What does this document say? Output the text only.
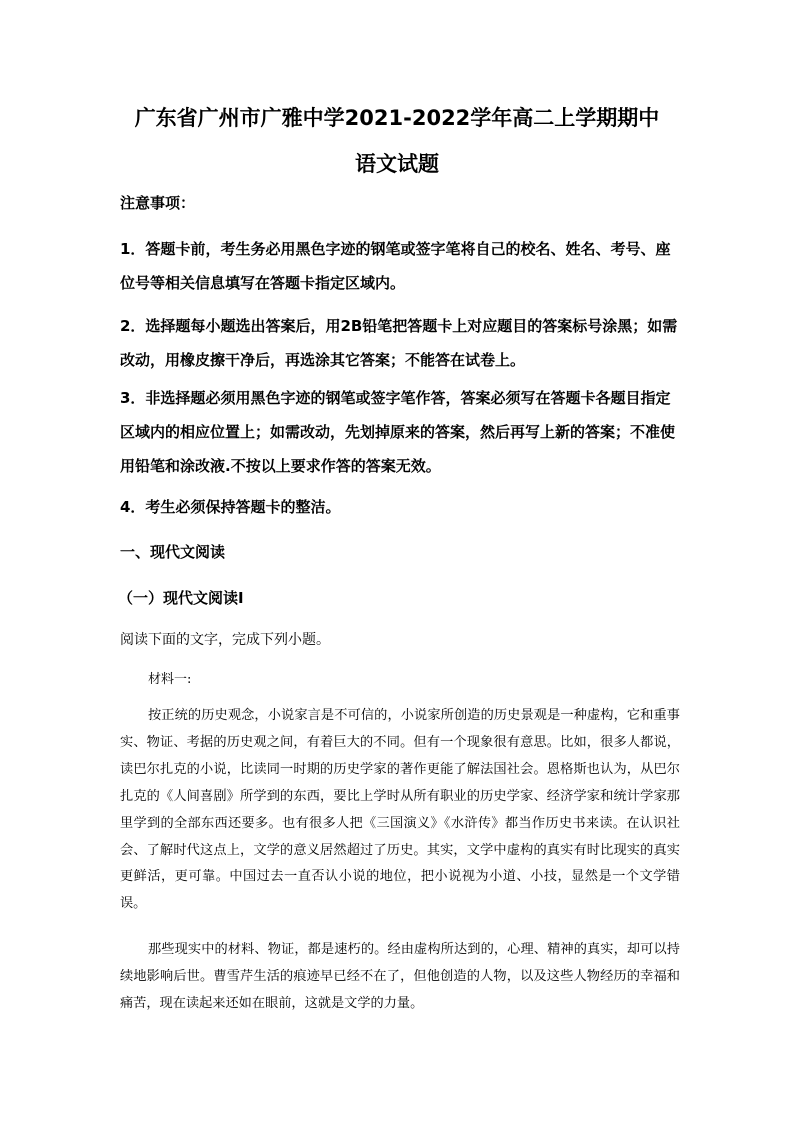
广东省广州市广雅中学2021-2022学年高二上学期期中
语文试题
注意事项：

1．答题卡前，考生务必用黑色字迹的钢笔或签字笔将自己的校名、姓名、考号、座位号等相关信息填写在答题卡指定区域内。

2．选择题每小题选出答案后，用2B铅笔把答题卡上对应题目的答案标号涂黑；如需改动，用橡皮擦干净后，再选涂其它答案；不能答在试卷上。

3．非选择题必须用黑色字迹的钢笔或签字笔作答，答案必须写在答题卡各题目指定区域内的相应位置上；如需改动，先划掉原来的答案，然后再写上新的答案；不准使用铅笔和涂改液.不按以上要求作答的答案无效。

4．考生必须保持答题卡的整洁。

一、现代文阅读
（一）现代文阅读Ⅰ
阅读下面的文字，完成下列小题。
材料一:

按正统的历史观念，小说家言是不可信的，小说家所创造的历史景观是一种虚构，它和重事实、物证、考据的历史观之间，有着巨大的不同。但有一个现象很有意思。比如，很多人都说，读巴尔扎克的小说，比读同一时期的历史学家的著作更能了解法国社会。恩格斯也认为，从巴尔扎克的《人间喜剧》所学到的东西，要比上学时从所有职业的历史学家、经济学家和统计学家那里学到的全部东西还要多。也有很多人把《三国演义》《水浒传》都当作历史书来读。在认识社会、了解时代这点上，文学的意义居然超过了历史。其实，文学中虚构的真实有时比现实的真实更鲜活，更可靠。中国过去一直否认小说的地位，把小说视为小道、小技，显然是一个文学错误。

那些现实中的材料、物证，都是速朽的。经由虚构所达到的，心理、精神的真实，却可以持续地影响后世。曹雪芹生活的痕迹早已经不在了，但他创造的人物，以及这些人物经历的幸福和痛苦，现在读起来还如在眼前，这就是文学的力量。
